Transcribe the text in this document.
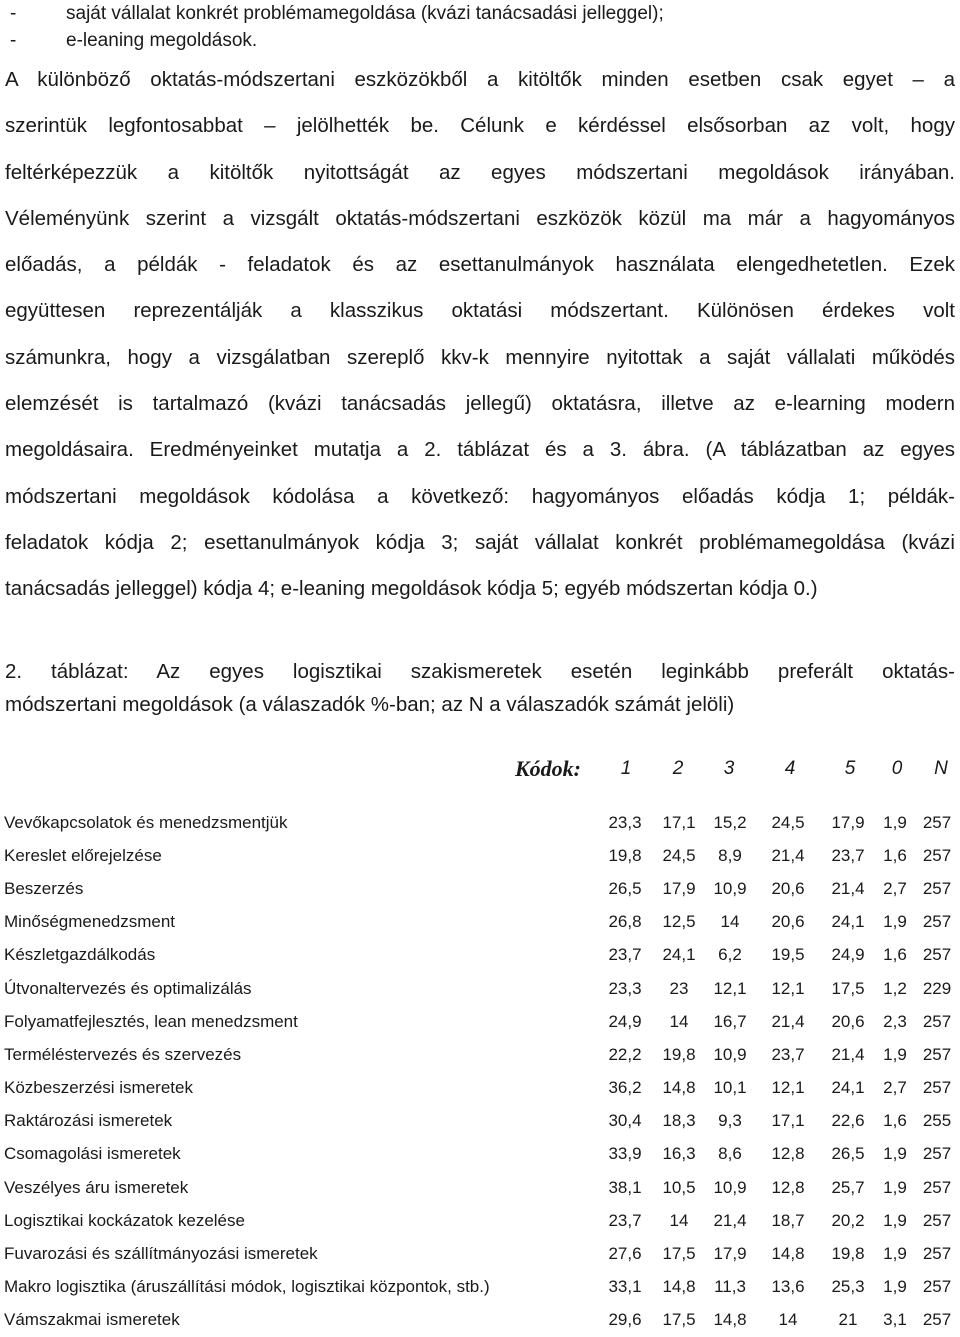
-	saját vállalat konkrét problémamegoldása (kvázi tanácsadási jelleggel);
-	e-leaning megoldások.

A különböző oktatás-módszertani eszközökből a kitöltők minden esetben csak egyet – a
szerintük legfontosabbat – jelölhették be. Célunk e kérdéssel elsősorban az volt, hogy
feltérképezzük a kitöltők nyitottságát az egyes módszertani megoldások irányában.
Véleményünk szerint a vizsgált oktatás-módszertani eszközök közül ma már a hagyományos
előadás, a példák - feladatok és az esettanulmányok használata elengedhetetlen. Ezek
együttesen reprezentálják a klasszikus oktatási módszertant. Különösen érdekes volt
számunkra, hogy a vizsgálatban szereplő kkv-k mennyire nyitottak a saját vállalati működés
elemzését is tartalmazó (kvázi tanácsadás jellegű) oktatásra, illetve az e-learning modern
megoldásaira. Eredményeinket mutatja a 2. táblázat és a 3. ábra. (A táblázatban az egyes
módszertani megoldások kódolása a következő: hagyományos előadás kódja 1; példák-
feladatok kódja 2; esettanulmányok kódja 3; saját vállalat konkrét problémamegoldása (kvázi
tanácsadás jelleggel) kódja 4; e-leaning megoldások kódja 5; egyéb módszertan kódja 0.)

2. táblázat: Az egyes logisztikai szakismeretek esetén leginkább preferált oktatás-
módszertani megoldások (a válaszadók %-ban; az N a válaszadók számát jelöli)

Kódok:	1	2	3	4	5	0	N
Vevőkapcsolatok és menedzsmentjük	23,3	17,1	15,2	24,5	17,9	1,9	257
Kereslet előrejelzése	19,8	24,5	8,9	21,4	23,7	1,6	257
Beszerzés	26,5	17,9	10,9	20,6	21,4	2,7	257
Minőségmenedzsment	26,8	12,5	14	20,6	24,1	1,9	257
Készletgazdálkodás	23,7	24,1	6,2	19,5	24,9	1,6	257
Útvonaltervezés és optimalizálás	23,3	23	12,1	12,1	17,5	1,2	229
Folyamatfejlesztés, lean menedzsment	24,9	14	16,7	21,4	20,6	2,3	257
Terméléstervezés és szervezés	22,2	19,8	10,9	23,7	21,4	1,9	257
Közbeszerzési ismeretek	36,2	14,8	10,1	12,1	24,1	2,7	257
Raktározási ismeretek	30,4	18,3	9,3	17,1	22,6	1,6	255
Csomagolási ismeretek	33,9	16,3	8,6	12,8	26,5	1,9	257
Veszélyes áru ismeretek	38,1	10,5	10,9	12,8	25,7	1,9	257
Logisztikai kockázatok kezelése	23,7	14	21,4	18,7	20,2	1,9	257
Fuvarozási és szállítmányozási ismeretek	27,6	17,5	17,9	14,8	19,8	1,9	257
Makro logisztika (áruszállítási módok, logisztikai központok, stb.)	33,1	14,8	11,3	13,6	25,3	1,9	257
Vámszakmai ismeretek	29,6	17,5	14,8	14	21	3,1	257
